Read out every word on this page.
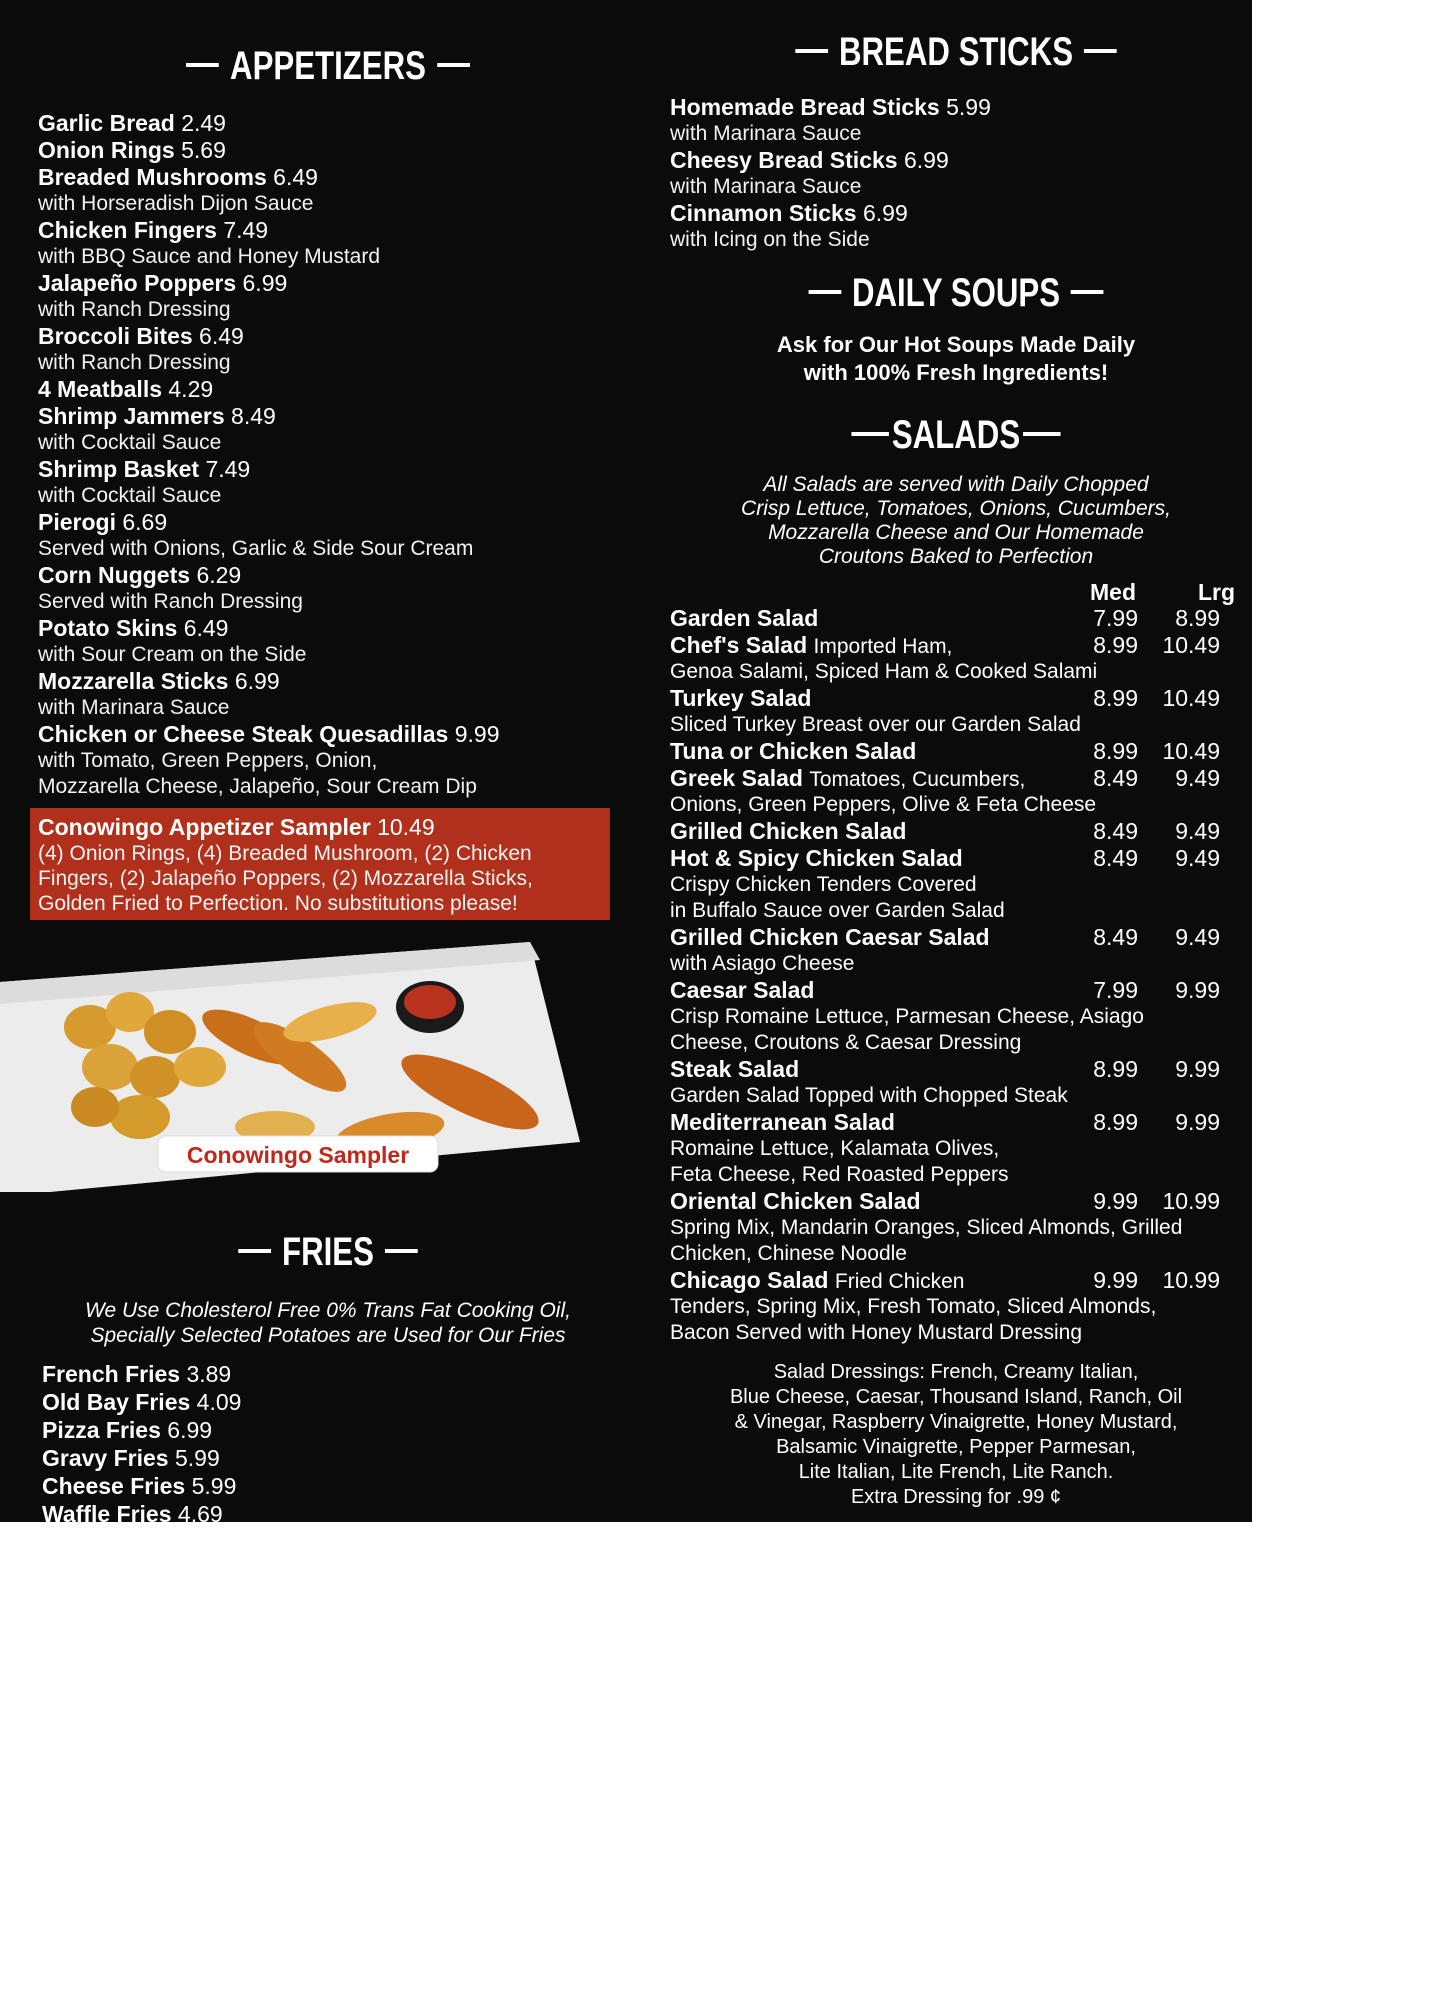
APPETIZERS
Garlic Bread 2.49
Onion Rings 5.69
Breaded Mushrooms 6.49
with Horseradish Dijon Sauce
Chicken Fingers 7.49
with BBQ Sauce and Honey Mustard
Jalapeño Poppers 6.99
with Ranch Dressing
Broccoli Bites 6.49
with Ranch Dressing
4 Meatballs 4.29
Shrimp Jammers 8.49
with Cocktail Sauce
Shrimp Basket 7.49
with Cocktail Sauce
Pierogi 6.69
Served with Onions, Garlic & Side Sour Cream
Corn Nuggets 6.29
Served with Ranch Dressing
Potato Skins 6.49
with Sour Cream on the Side
Mozzarella Sticks 6.99
with Marinara Sauce
Chicken or Cheese Steak Quesadillas 9.99
with Tomato, Green Peppers, Onion,
Mozzarella Cheese, Jalapeño, Sour Cream Dip
Conowingo Appetizer Sampler 10.49
(4) Onion Rings, (4) Breaded Mushroom, (2) Chicken
Fingers, (2) Jalapeño Poppers, (2) Mozzarella Sticks,
Golden Fried to Perfection. No substitutions please!
Conowingo Sampler
FRIES
We Use Cholesterol Free 0% Trans Fat Cooking Oil,
Specially Selected Potatoes are Used for Our Fries
French Fries 3.89
Old Bay Fries 4.09
Pizza Fries 6.99
Gravy Fries 5.99
Cheese Fries 5.99
Waffle Fries 4.69
Mega Fries (for 2) 9.99
BREAD STICKS
Homemade Bread Sticks 5.99
with Marinara Sauce
Cheesy Bread Sticks 6.99
with Marinara Sauce
Cinnamon Sticks 6.99
with Icing on the Side
DAILY SOUPS
Ask for Our Hot Soups Made Daily
with 100% Fresh Ingredients!
SALADS
All Salads are served with Daily Chopped
Crisp Lettuce, Tomatoes, Onions, Cucumbers,
Mozzarella Cheese and Our Homemade
Croutons Baked to Perfection
Med	Lrg
Garden Salad	7.99	8.99
Chef's Salad Imported Ham,	8.99	10.49
Genoa Salami, Spiced Ham & Cooked Salami
Turkey Salad	8.99	10.49
Sliced Turkey Breast over our Garden Salad
Tuna or Chicken Salad	8.99	10.49
Greek Salad Tomatoes, Cucumbers,	8.49	9.49
Onions, Green Peppers, Olive & Feta Cheese
Grilled Chicken Salad	8.49	9.49
Hot & Spicy Chicken Salad	8.49	9.49
Crispy Chicken Tenders Covered
in Buffalo Sauce over Garden Salad
Grilled Chicken Caesar Salad	8.49	9.49
with Asiago Cheese
Caesar Salad	7.99	9.99
Crisp Romaine Lettuce, Parmesan Cheese, Asiago
Cheese, Croutons & Caesar Dressing
Steak Salad	8.99	9.99
Garden Salad Topped with Chopped Steak
Mediterranean Salad	8.99	9.99
Romaine Lettuce, Kalamata Olives,
Feta Cheese, Red Roasted Peppers
Oriental Chicken Salad	9.99	10.99
Spring Mix, Mandarin Oranges, Sliced Almonds, Grilled
Chicken, Chinese Noodle
Chicago Salad Fried Chicken	9.99	10.99
Tenders, Spring Mix, Fresh Tomato, Sliced Almonds,
Bacon Served with Honey Mustard Dressing
Salad Dressings: French, Creamy Italian,
Blue Cheese, Caesar, Thousand Island, Ranch, Oil
& Vinegar, Raspberry Vinaigrette, Honey Mustard,
Balsamic Vinaigrette, Pepper Parmesan,
Lite Italian, Lite French, Lite Ranch.
Extra Dressing for .99 ¢
